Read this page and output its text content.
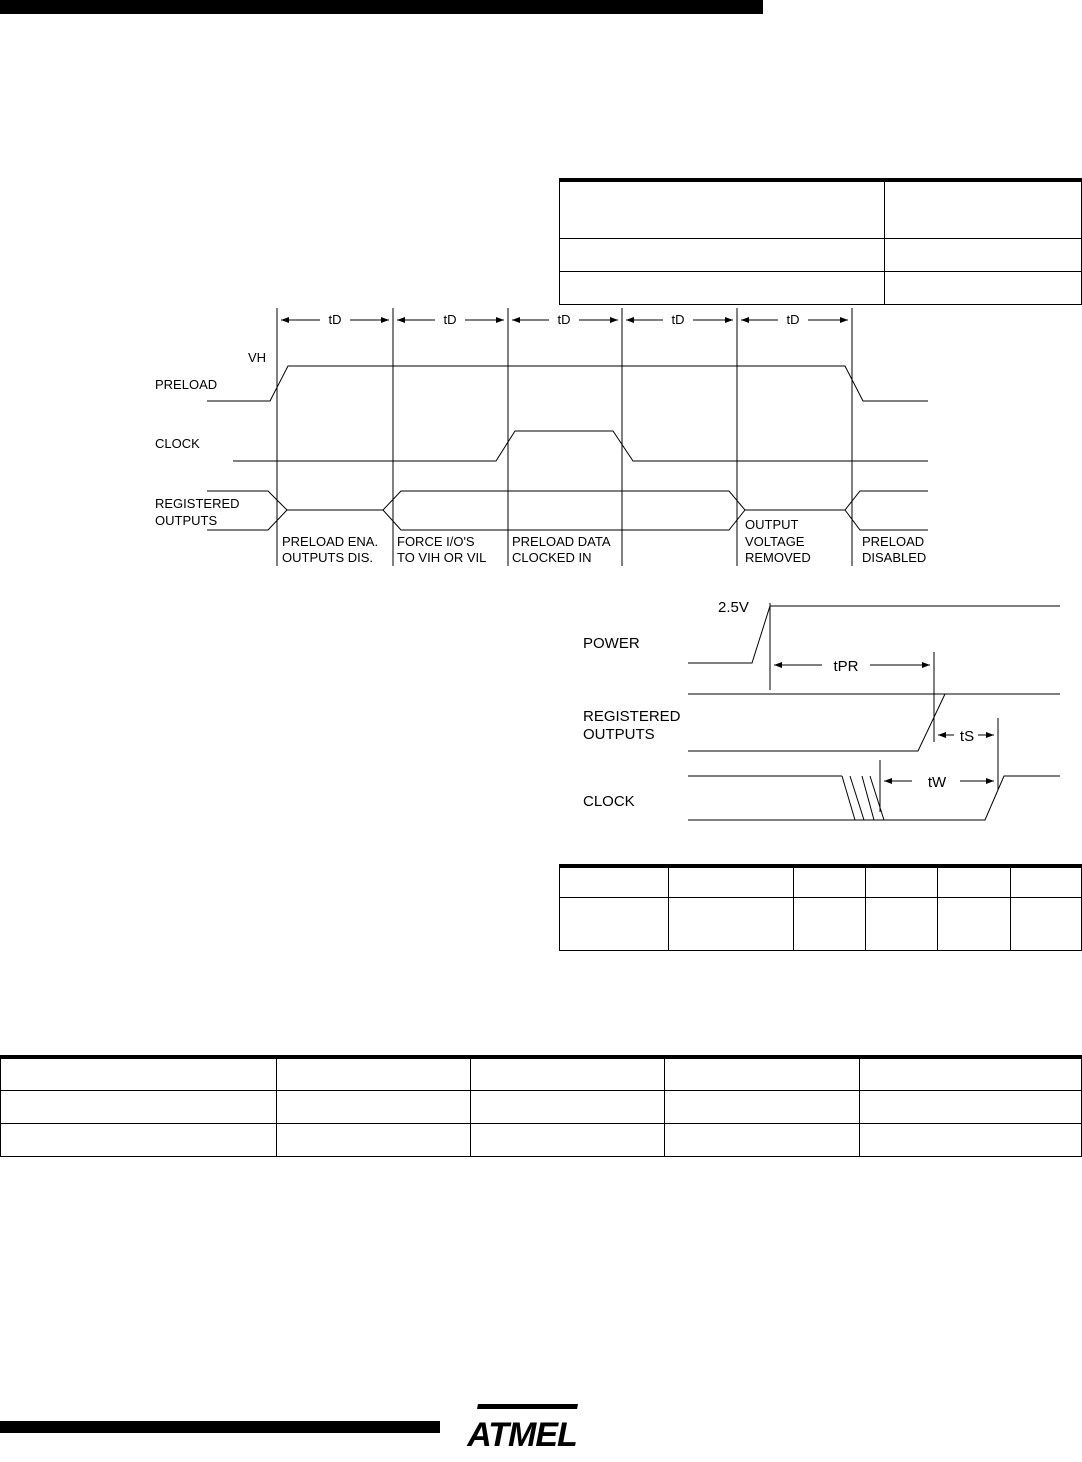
PRELOAD
CLOCK
REGISTERED
OUTPUTS
VH
tD	tD	tD	tD	tD
PRELOAD ENA.
OUTPUTS DIS.
FORCE I/O'S
TO VIH OR VIL
PRELOAD DATA
CLOCKED IN
OUTPUT
VOLTAGE
REMOVED
PRELOAD
DISABLED
POWER
REGISTERED
OUTPUTS
CLOCK
2.5V
tPR
tS
tW

ATMEL
